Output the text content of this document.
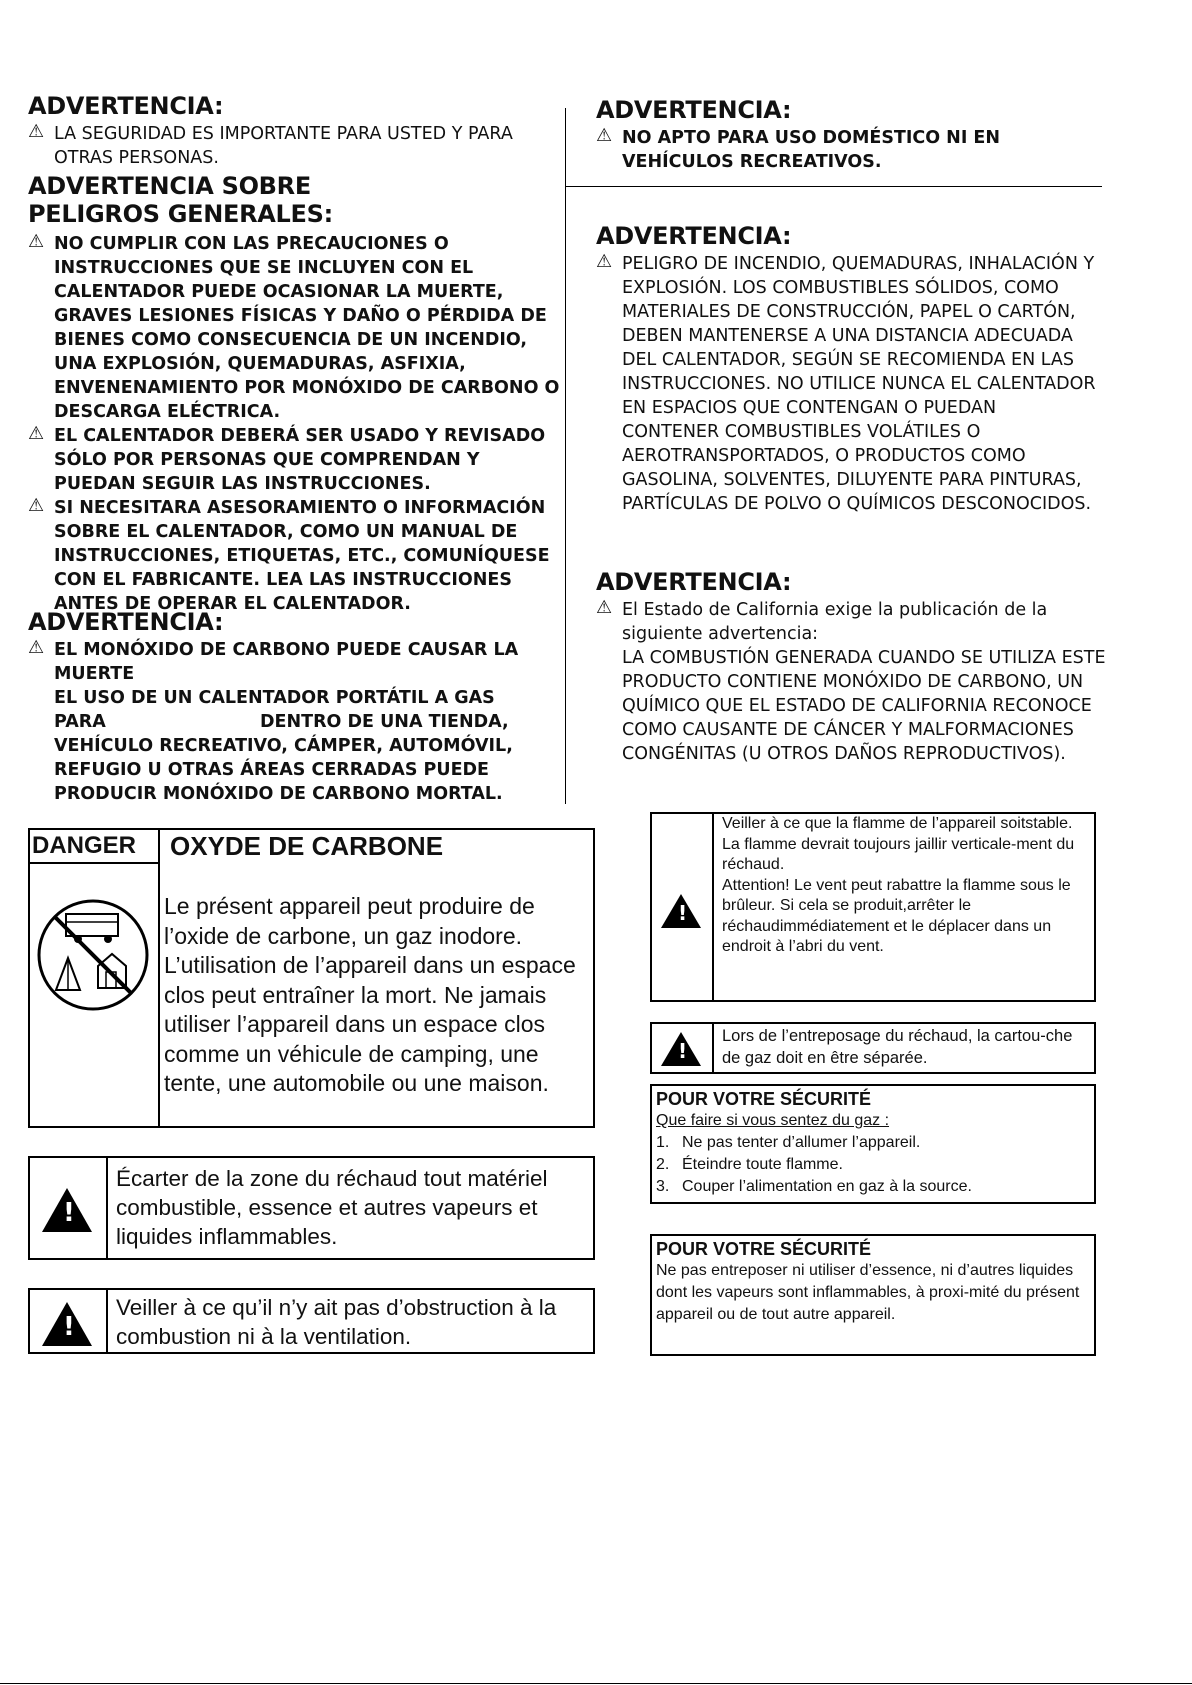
ADVERTENCIA:
⚠ LA SEGURIDAD ES IMPORTANTE PARA USTED Y PARA OTRAS PERSONAS.
ADVERTENCIA SOBRE PELIGROS GENERALES:
⚠ NO CUMPLIR CON LAS PRECAUCIONES O INSTRUCCIONES QUE SE INCLUYEN CON EL CALENTADOR PUEDE OCASIONAR LA MUERTE, GRAVES LESIONES FÍSICAS Y DAÑO O PÉRDIDA DE BIENES COMO CONSECUENCIA DE UN INCENDIO, UNA EXPLOSIÓN, QUEMADURAS, ASFIXIA, ENVENENAMIENTO POR MONÓXIDO DE CARBONO O DESCARGA ELÉCTRICA.
⚠ EL CALENTADOR DEBERÁ SER USADO Y REVISADO SÓLO POR PERSONAS QUE COMPRENDAN Y PUEDAN SEGUIR LAS INSTRUCCIONES.
⚠ SI NECESITARA ASESORAMIENTO O INFORMACIÓN SOBRE EL CALENTADOR, COMO UN MANUAL DE INSTRUCCIONES, ETIQUETAS, ETC., COMUNÍQUESE CON EL FABRICANTE. LEA LAS INSTRUCCIONES ANTES DE OPERAR EL CALENTADOR.
ADVERTENCIA:
⚠ EL MONÓXIDO DE CARBONO PUEDE CAUSAR LA
MUERTE
EL USO DE UN CALENTADOR PORTÁTIL A GAS
PARA	DENTRO DE UNA TIENDA,
VEHÍCULO RECREATIVO, CÁMPER, AUTOMÓVIL,
REFUGIO U OTRAS ÁREAS CERRADAS PUEDE
PRODUCIR MONÓXIDO DE CARBONO MORTAL.
ADVERTENCIA:
⚠ NO APTO PARA USO DOMÉSTICO NI EN VEHÍCULOS RECREATIVOS.
ADVERTENCIA:
⚠ PELIGRO DE INCENDIO, QUEMADURAS, INHALACIÓN Y EXPLOSIÓN. LOS COMBUSTIBLES SÓLIDOS, COMO MATERIALES DE CONSTRUCCIÓN, PAPEL O CARTÓN, DEBEN MANTENERSE A UNA DISTANCIA ADECUADA DEL CALENTADOR, SEGÚN SE RECOMIENDA EN LAS INSTRUCCIONES. NO UTILICE NUNCA EL CALENTADOR EN ESPACIOS QUE CONTENGAN O PUEDAN CONTENER COMBUSTIBLES VOLÁTILES O AEROTRANSPORTADOS, O PRODUCTOS COMO GASOLINA, SOLVENTES, DILUYENTE PARA PINTURAS, PARTÍCULAS DE POLVO O QUÍMICOS DESCONOCIDOS.
ADVERTENCIA:
⚠ El Estado de California exige la publicación de la siguiente advertencia:
LA COMBUSTIÓN GENERADA CUANDO SE UTILIZA ESTE PRODUCTO CONTIENE MONÓXIDO DE CARBONO, UN QUÍMICO QUE EL ESTADO DE CALIFORNIA RECONOCE COMO CAUSANTE DE CÁNCER Y MALFORMACIONES CONGÉNITAS (U OTROS DAÑOS REPRODUCTIVOS).
DANGER	OXYDE DE CARBONE
Le présent appareil peut produire de l’oxide de carbone, un gaz inodore. L’utilisation de l’appareil dans un espace clos peut entraîner la mort. Ne jamais utiliser l’appareil dans un espace clos comme un véhicule de camping, une tente, une automobile ou une maison.
!
Écarter de la zone du réchaud tout matériel combustible, essence et autres vapeurs et liquides inflammables.
!
Veiller à ce qu’il n’y ait pas d’obstruction à la combustion ni à la ventilation.
!
Veiller à ce que la flamme de l’appareil soitstable.
La flamme devrait toujours jaillir verticale-ment du réchaud.
Attention! Le vent peut rabattre la flamme sous le brûleur. Si cela se produit,arrêter le réchaudimmédiatement et le déplacer dans un endroit à l’abri du vent.
!
Lors de l’entreposage du réchaud, la cartou-che de gaz doit en être séparée.
POUR VOTRE SÉCURITÉ
Que faire si vous sentez du gaz :
1. Ne pas tenter d’allumer l’appareil.
2. Éteindre toute flamme.
3. Couper l’alimentation en gaz à la source.
POUR VOTRE SÉCURITÉ
Ne pas entreposer ni utiliser d’essence, ni d’autres liquides dont les vapeurs sont inflammables, à proxi-mité du présent appareil ou de tout autre appareil.
